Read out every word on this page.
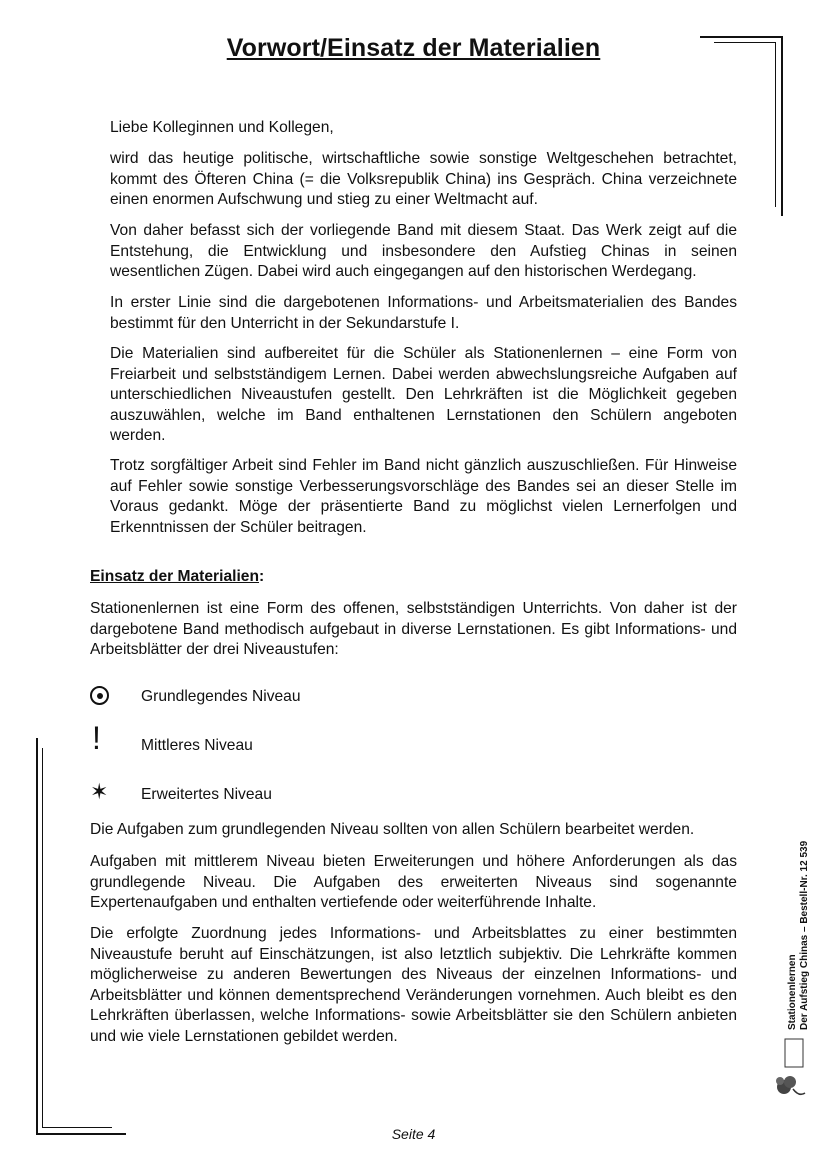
Vorwort/Einsatz der Materialien

Liebe Kolleginnen und Kollegen,

wird das heutige politische, wirtschaftliche sowie sonstige Weltgeschehen betrachtet, kommt des Öfteren China (= die Volksrepublik China) ins Gespräch. China verzeichnete einen enormen Aufschwung und stieg zu einer Weltmacht auf.

Von daher befasst sich der vorliegende Band mit diesem Staat. Das Werk zeigt auf die Entstehung, die Entwicklung und insbesondere den Aufstieg Chinas in seinen wesentlichen Zügen. Dabei wird auch eingegangen auf den historischen Werdegang.

In erster Linie sind die dargebotenen Informations- und Arbeitsmaterialien des Bandes bestimmt für den Unterricht in der Sekundarstufe I.

Die Materialien sind aufbereitet für die Schüler als Stationenlernen – eine Form von Freiarbeit und selbstständigem Lernen. Dabei werden abwechslungsreiche Aufgaben auf unterschiedlichen Niveaustufen gestellt. Den Lehrkräften ist die Möglichkeit gegeben auszuwählen, welche im Band enthaltenen Lernstationen den Schülern angeboten werden.

Trotz sorgfältiger Arbeit sind Fehler im Band nicht gänzlich auszuschließen. Für Hinweise auf Fehler sowie sonstige Verbesserungsvorschläge des Bandes sei an dieser Stelle im Voraus gedankt. Möge der präsentierte Band zu möglichst vielen Lernerfolgen und Erkenntnissen der Schüler beitragen.

Einsatz der Materialien:

Stationenlernen ist eine Form des offenen, selbstständigen Unterrichts. Von daher ist der dargebotene Band methodisch aufgebaut in diverse Lernstationen. Es gibt Informations- und Arbeitsblätter der drei Niveaustufen:

Grundlegendes Niveau
!	Mittleres Niveau
✶	Erweitertes Niveau

Die Aufgaben zum grundlegenden Niveau sollten von allen Schülern bearbeitet werden.

Aufgaben mit mittlerem Niveau bieten Erweiterungen und höhere Anforderungen als das grundlegende Niveau. Die Aufgaben des erweiterten Niveaus sind sogenannte Expertenaufgaben und enthalten vertiefende oder weiterführende Inhalte.

Die erfolgte Zuordnung jedes Informations- und Arbeitsblattes zu einer bestimmten Niveaustufe beruht auf Einschätzungen, ist also letztlich subjektiv. Die Lehrkräfte kommen möglicherweise zu anderen Bewertungen des Niveaus der einzelnen Informations- und Arbeitsblätter und können dementsprechend Veränderungen vornehmen. Auch bleibt es den Lehrkräften überlassen, welche Informations- sowie Arbeitsblätter sie den Schülern anbieten und wie viele Lernstationen gebildet werden.

Stationenlernen Der Aufstieg Chinas – Bestell-Nr. 12 539
Seite 4
